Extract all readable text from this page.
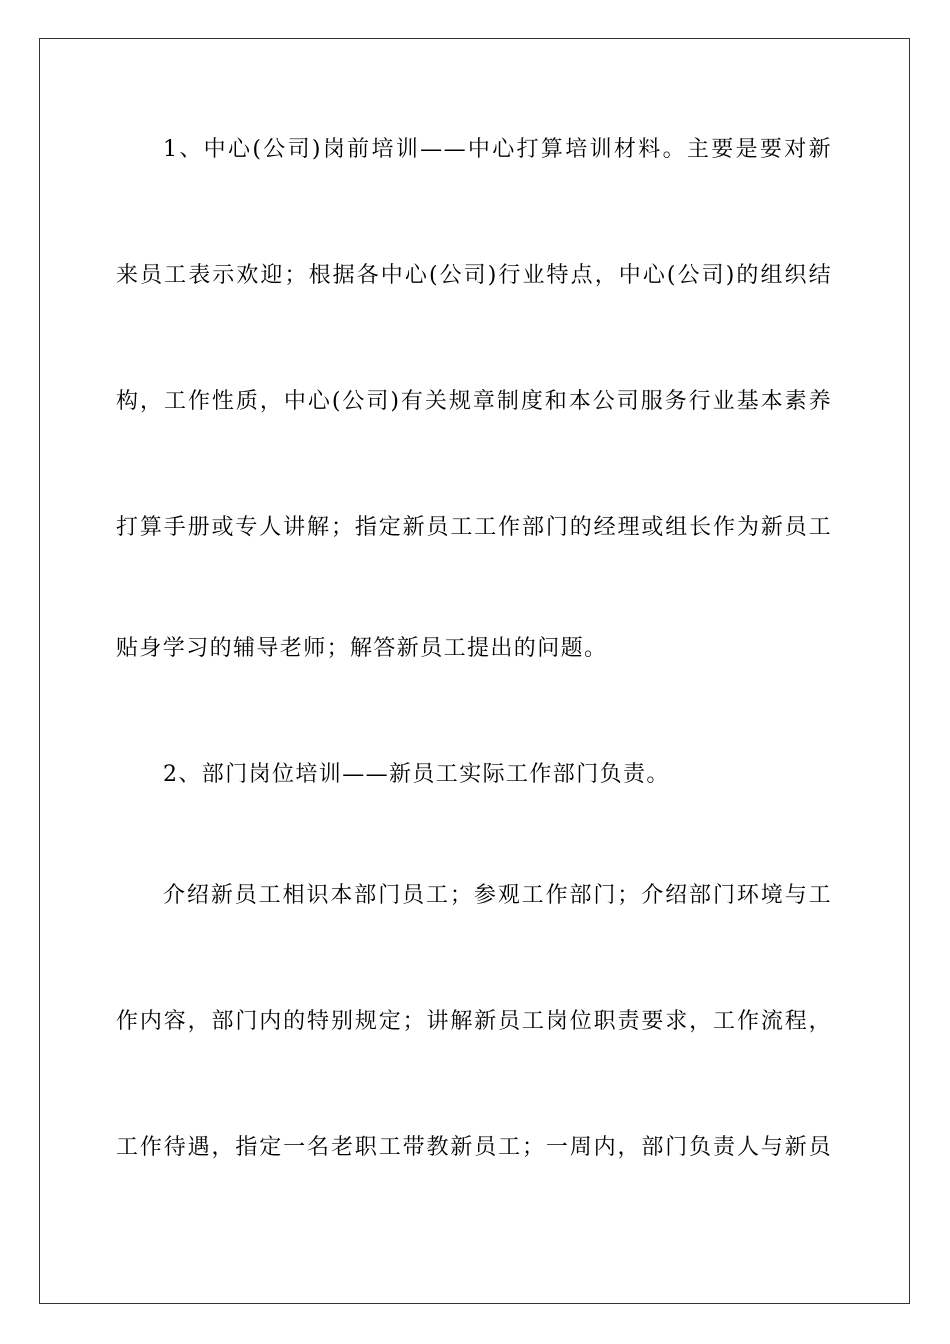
1、中心(公司)岗前培训——中心打算培训材料。主要是要对新
来员工表示欢迎；根据各中心(公司)行业特点，中心(公司)的组织结
构，工作性质，中心(公司)有关规章制度和本公司服务行业基本素养
打算手册或专人讲解；指定新员工工作部门的经理或组长作为新员工
贴身学习的辅导老师；解答新员工提出的问题。
2、部门岗位培训——新员工实际工作部门负责。
介绍新员工相识本部门员工；参观工作部门；介绍部门环境与工
作内容，部门内的特别规定；讲解新员工岗位职责要求，工作流程，
工作待遇，指定一名老职工带教新员工；一周内，部门负责人与新员
